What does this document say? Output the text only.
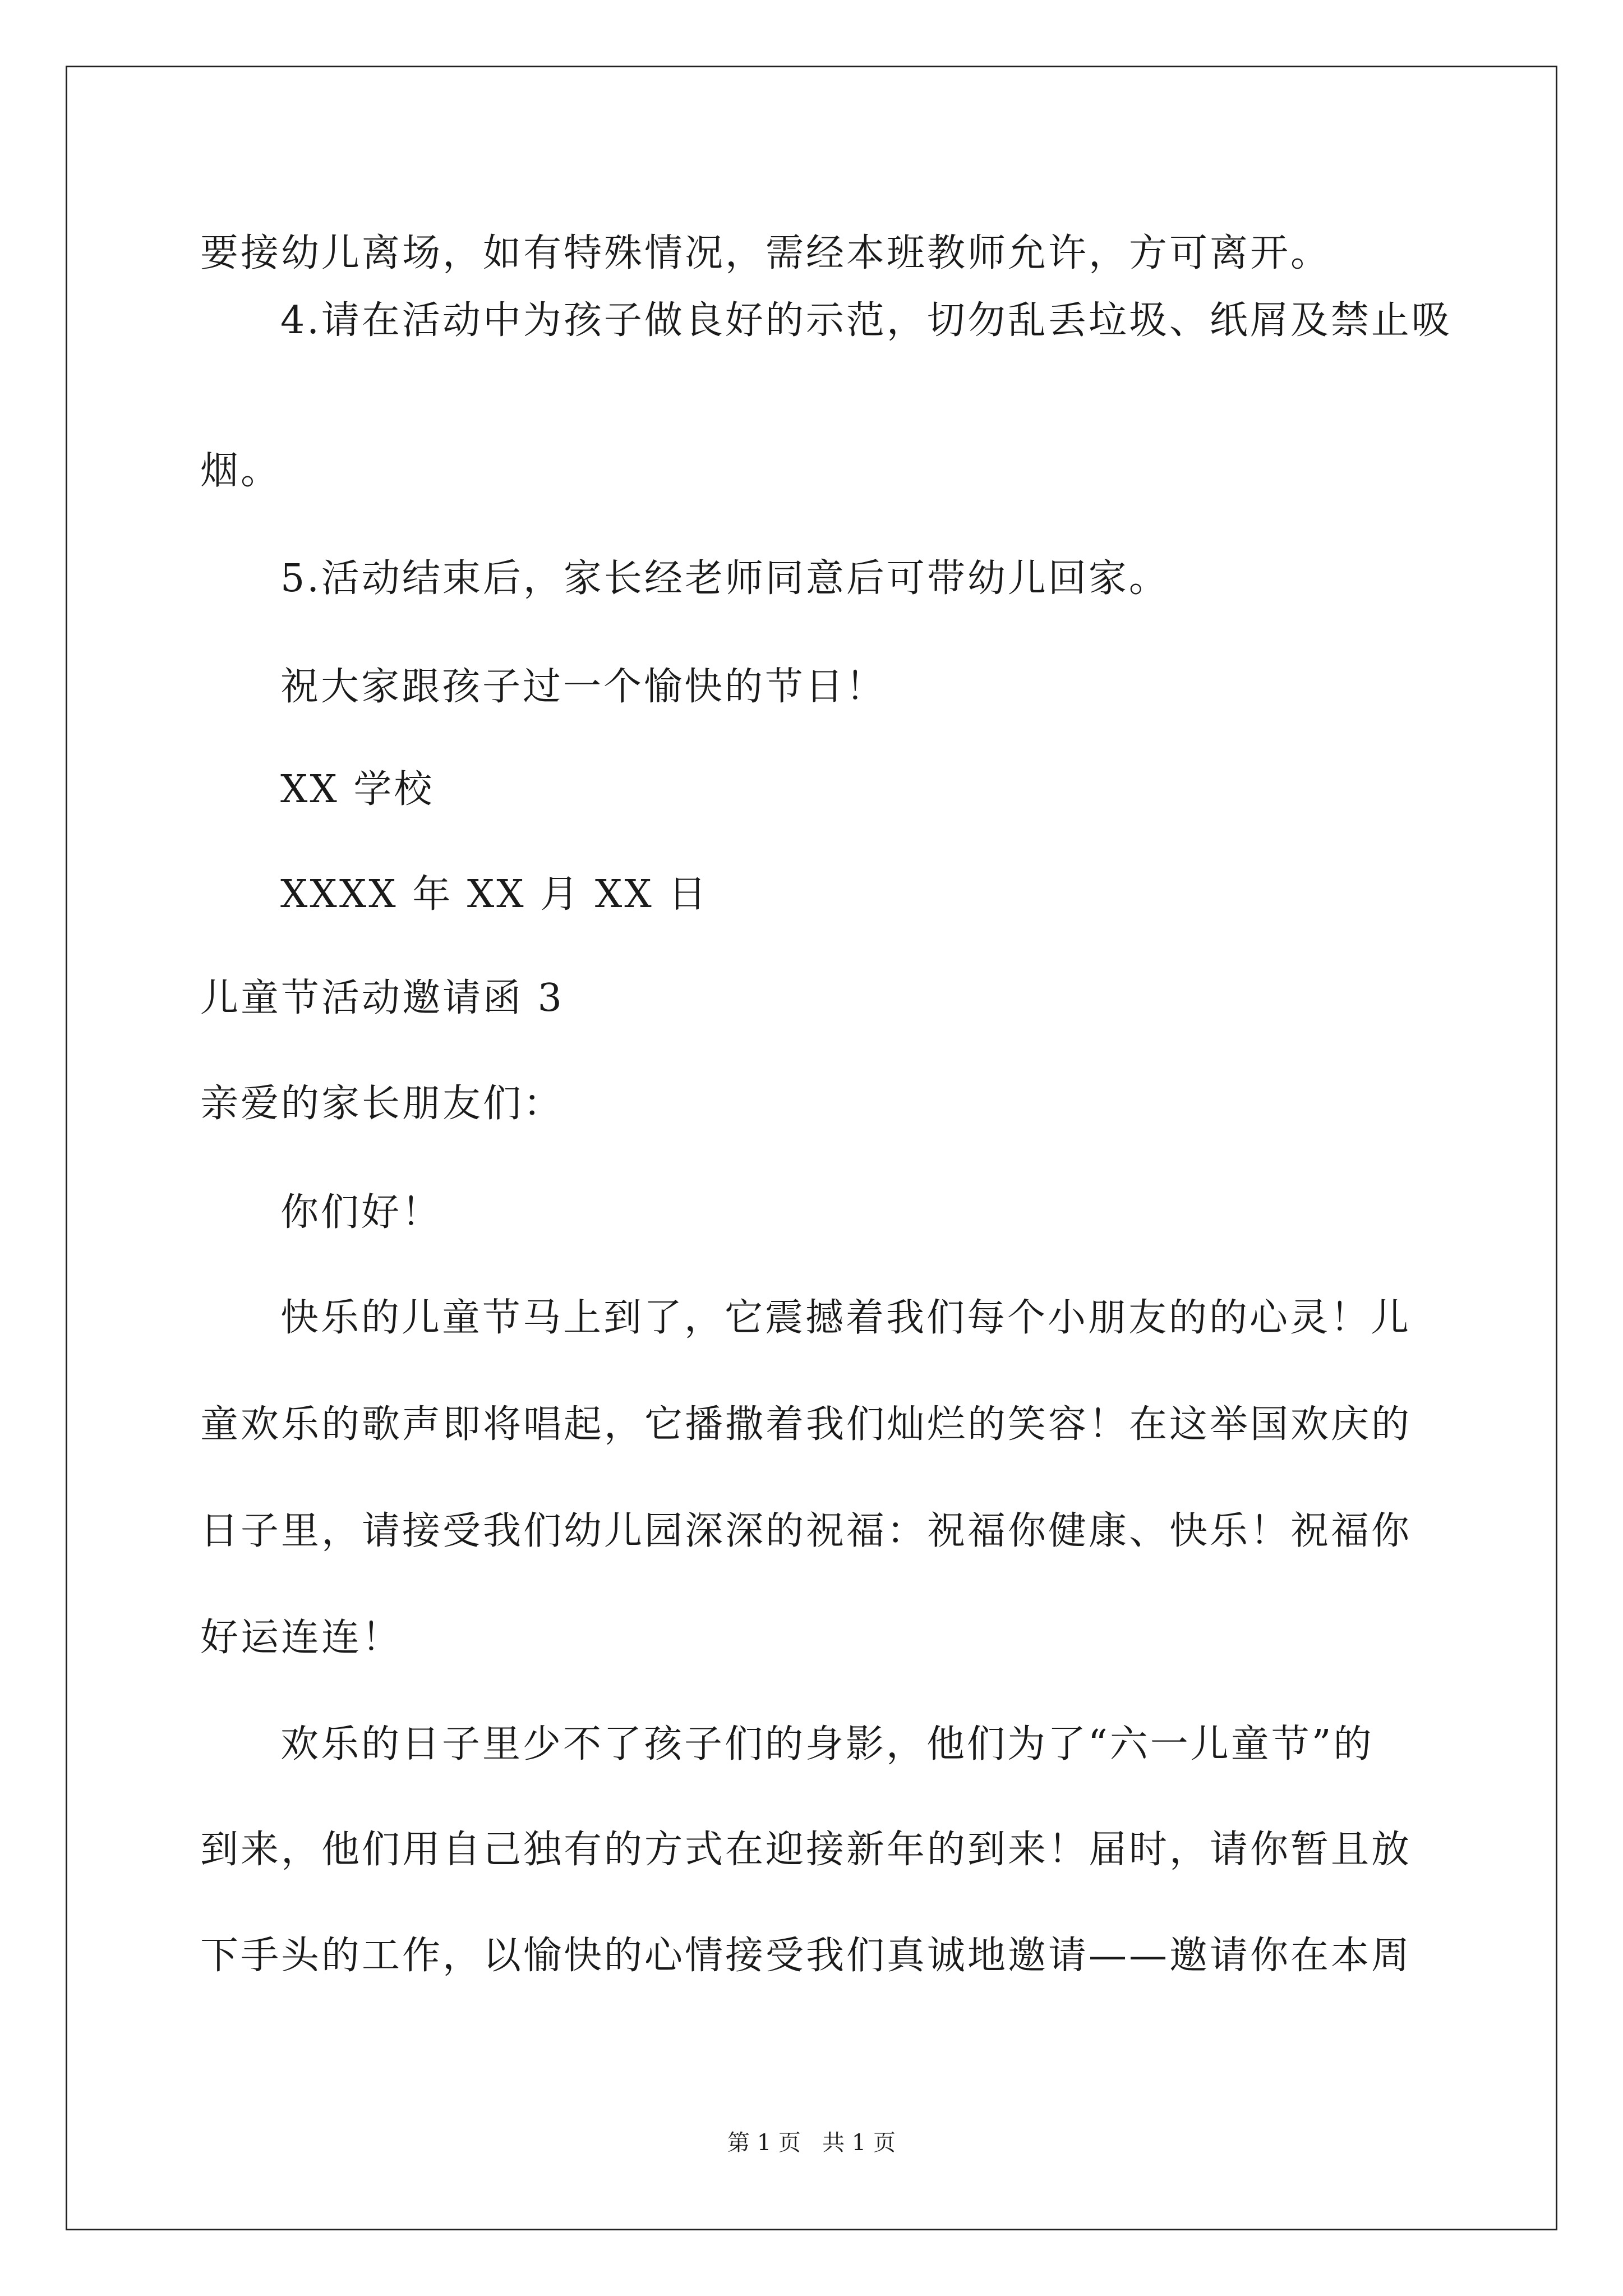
要接幼儿离场，如有特殊情况，需经本班教师允许，方可离开。
4.请在活动中为孩子做良好的示范，切勿乱丢垃圾、纸屑及禁止吸
烟。
5.活动结束后，家长经老师同意后可带幼儿回家。
祝大家跟孩子过一个愉快的节日！
XX 学校
XXXX 年 XX 月 XX 日
儿童节活动邀请函 3
亲爱的家长朋友们：
你们好！
快乐的儿童节马上到了，它震撼着我们每个小朋友的的心灵！儿
童欢乐的歌声即将唱起，它播撒着我们灿烂的笑容！在这举国欢庆的
日子里，请接受我们幼儿园深深的祝福：祝福你健康、快乐！祝福你
好运连连！
欢乐的日子里少不了孩子们的身影，他们为了“六一儿童节”的
到来，他们用自己独有的方式在迎接新年的到来！届时，请你暂且放
下手头的工作，以愉快的心情接受我们真诚地邀请——邀请你在本周
第 1 页   共 1 页
